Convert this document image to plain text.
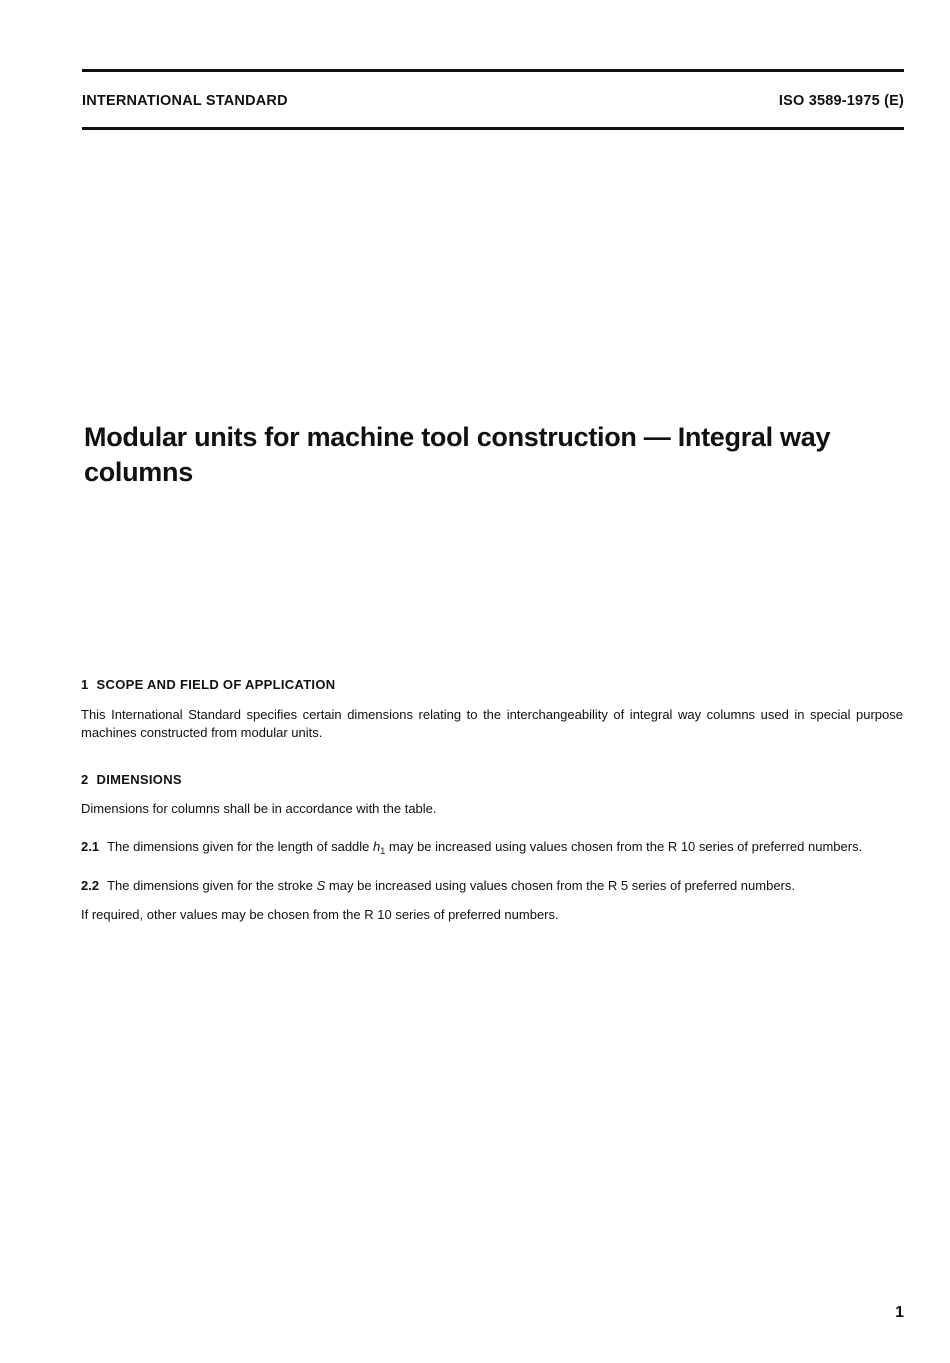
INTERNATIONAL STANDARD	ISO 3589-1975 (E)
Modular units for machine tool construction — Integral way columns
1 SCOPE AND FIELD OF APPLICATION

This International Standard specifies certain dimensions relating to the interchangeability of integral way columns used in special purpose machines constructed from modular units.

2 DIMENSIONS

Dimensions for columns shall be in accordance with the table.

2.1 The dimensions given for the length of saddle $h_1$ may be increased using values chosen from the R 10 series of preferred numbers.

2.2 The dimensions given for the stroke S may be increased using values chosen from the R 5 series of preferred numbers.

If required, other values may be chosen from the R 10 series of preferred numbers.

1
